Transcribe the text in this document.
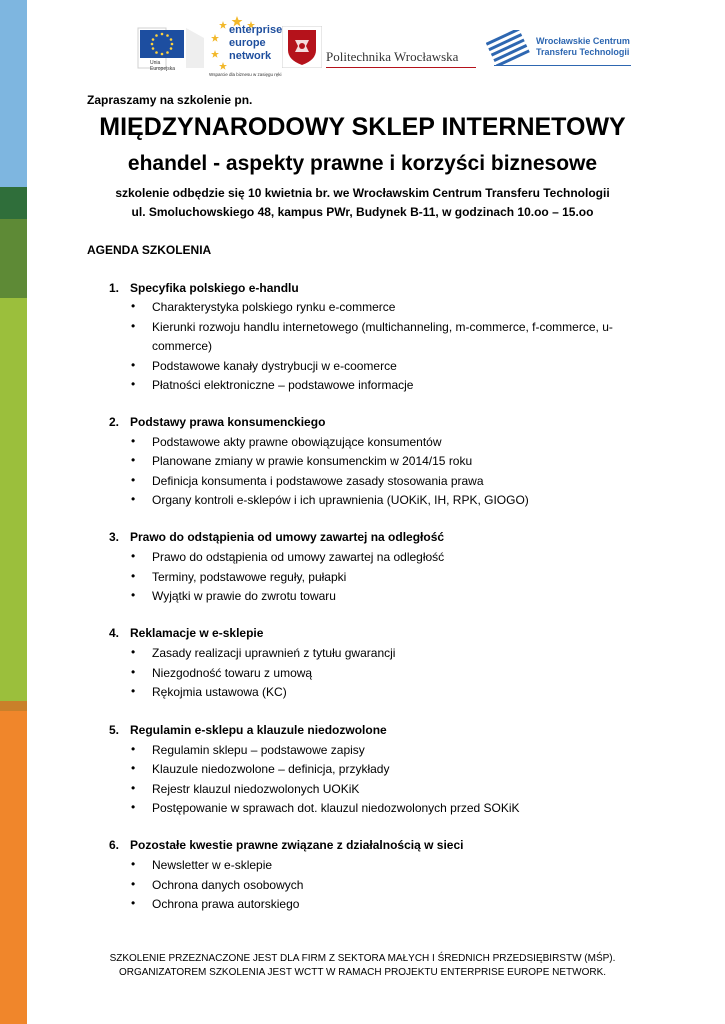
Unia
Europejska
enterprise
europe
network
Wsparcie dla biznesu w zasięgu ręki
Politechnika Wrocławska
Wrocławskie Centrum
Transferu Technologii
Zapraszamy na szkolenie pn.
MIĘDZYNARODOWY SKLEP INTERNETOWY
ehandel - aspekty prawne i korzyści biznesowe
szkolenie odbędzie się 10 kwietnia br. we Wrocławskim Centrum Transferu Technologii
ul. Smoluchowskiego 48, kampus PWr, Budynek B-11, w godzinach 10.oo – 15.oo
AGENDA SZKOLENIA
1. Specyfika polskiego e-handlu
• Charakterystyka polskiego rynku e-commerce
• Kierunki rozwoju handlu internetowego (multichanneling, m-commerce, f-commerce, u-
commerce)
• Podstawowe kanały dystrybucji w e-coomerce
• Płatności elektroniczne – podstawowe informacje
2. Podstawy prawa konsumenckiego
• Podstawowe akty prawne obowiązujące konsumentów
• Planowane zmiany w prawie konsumenckim w 2014/15 roku
• Definicja konsumenta i podstawowe zasady stosowania prawa
• Organy kontroli e-sklepów i ich uprawnienia (UOKiK, IH, RPK, GIOGO)
3. Prawo do odstąpienia od umowy zawartej na odległość
• Prawo do odstąpienia od umowy zawartej na odległość
• Terminy, podstawowe reguły, pułapki
• Wyjątki w prawie do zwrotu towaru
4. Reklamacje w e-sklepie
• Zasady realizacji uprawnień z tytułu gwarancji
• Niezgodność towaru z umową
• Rękojmia ustawowa (KC)
5. Regulamin e-sklepu a klauzule niedozwolone
• Regulamin sklepu – podstawowe zapisy
• Klauzule niedozwolone – definicja, przykłady
• Rejestr klauzul niedozwolonych UOKiK
• Postępowanie w sprawach dot. klauzul niedozwolonych przed SOKiK
6. Pozostałe kwestie prawne związane z działalnością w sieci
• Newsletter w e-sklepie
• Ochrona danych osobowych
• Ochrona prawa autorskiego
SZKOLENIE PRZEZNACZONE JEST DLA FIRM Z SEKTORA MAŁYCH I ŚREDNICH PRZEDSIĘBIRSTW (MŚP).
ORGANIZATOREM SZKOLENIA JEST WCTT W RAMACH PROJEKTU ENTERPRISE EUROPE NETWORK.
